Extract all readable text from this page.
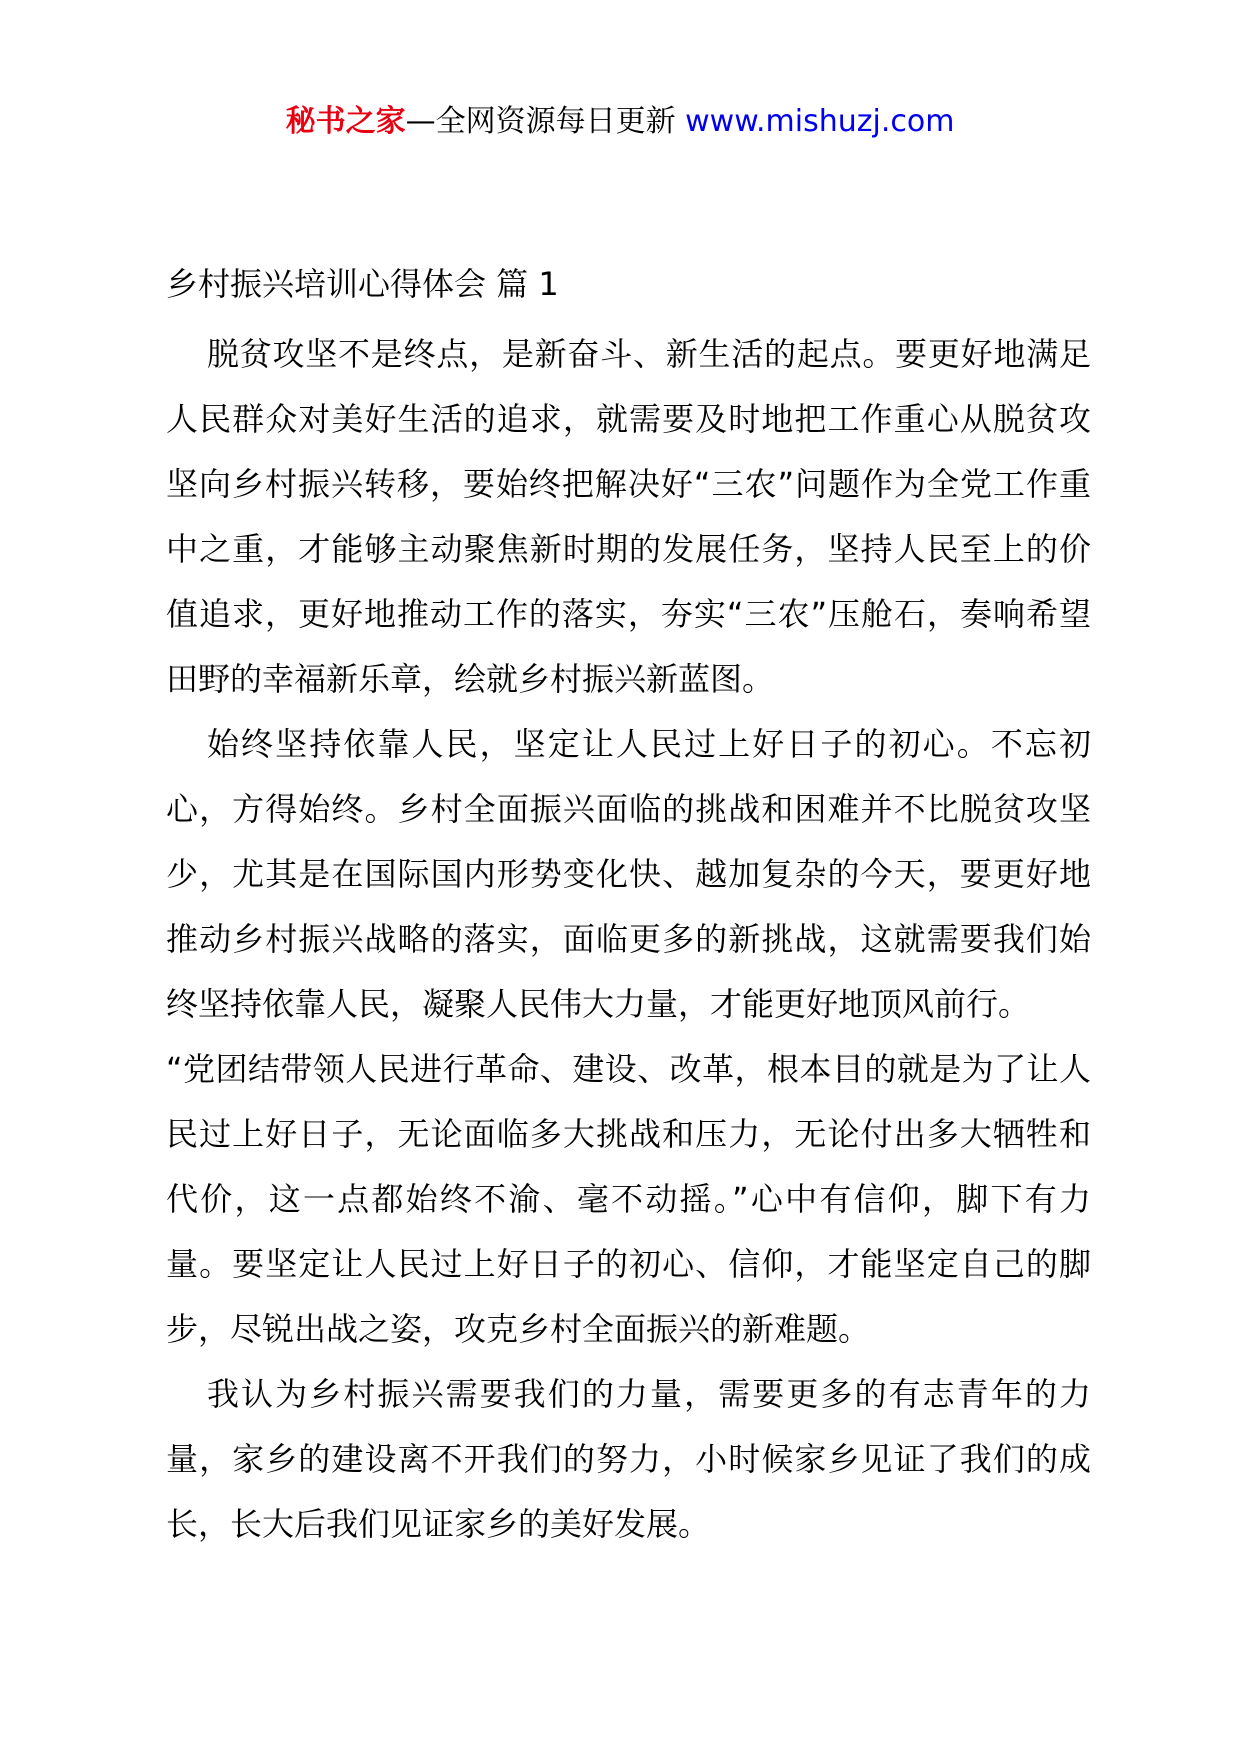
秘书之家—全网资源每日更新 www.mishuzj.com
乡村振兴培训心得体会 篇 1

脱贫攻坚不是终点，是新奋斗、新生活的起点。要更好地满足人民群众对美好生活的追求，就需要及时地把工作重心从脱贫攻坚向乡村振兴转移，要始终把解决好“三农”问题作为全党工作重中之重，才能够主动聚焦新时期的发展任务，坚持人民至上的价值追求，更好地推动工作的落实，夯实“三农”压舱石，奏响希望田野的幸福新乐章，绘就乡村振兴新蓝图。

始终坚持依靠人民，坚定让人民过上好日子的初心。不忘初心，方得始终。乡村全面振兴面临的挑战和困难并不比脱贫攻坚少，尤其是在国际国内形势变化快、越加复杂的今天，要更好地推动乡村振兴战略的落实，面临更多的新挑战，这就需要我们始终坚持依靠人民，凝聚人民伟大力量，才能更好地顶风前行。

“党团结带领人民进行革命、建设、改革，根本目的就是为了让人民过上好日子，无论面临多大挑战和压力，无论付出多大牺牲和代价，这一点都始终不渝、毫不动摇。”心中有信仰，脚下有力量。要坚定让人民过上好日子的初心、信仰，才能坚定自己的脚步，尽锐出战之姿，攻克乡村全面振兴的新难题。

我认为乡村振兴需要我们的力量，需要更多的有志青年的力量，家乡的建设离不开我们的努力，小时候家乡见证了我们的成长，长大后我们见证家乡的美好发展。
